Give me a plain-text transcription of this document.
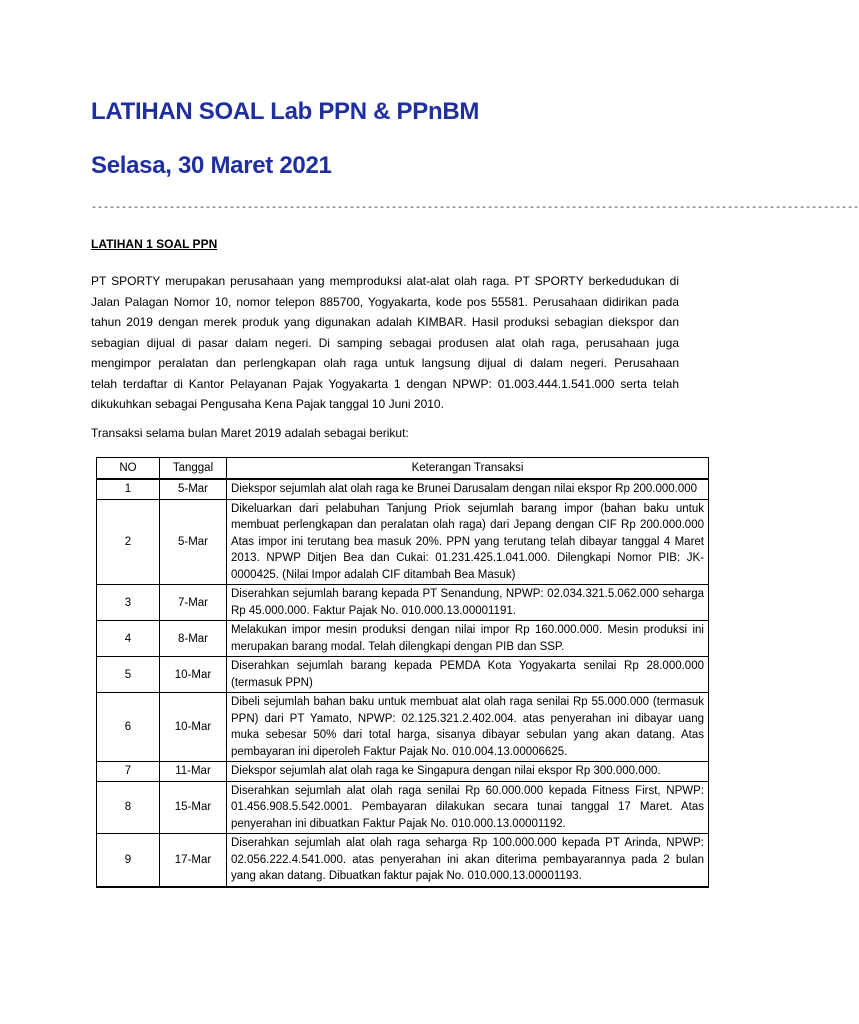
LATIHAN SOAL Lab PPN & PPnBM
Selasa, 30 Maret 2021
--------------------------------------------------------------------------------------------------------------------------------
LATIHAN 1 SOAL PPN
PT SPORTY merupakan perusahaan yang memproduksi alat-alat olah raga. PT SPORTY berkedudukan di
Jalan Palagan Nomor 10, nomor telepon 885700, Yogyakarta, kode pos 55581. Perusahaan didirikan pada
tahun 2019 dengan merek produk yang digunakan adalah KIMBAR. Hasil produksi sebagian diekspor dan
sebagian dijual di pasar dalam negeri. Di samping sebagai produsen alat olah raga, perusahaan juga
mengimpor peralatan dan perlengkapan olah raga untuk langsung dijual di dalam negeri. Perusahaan
telah terdaftar di Kantor Pelayanan Pajak Yogyakarta 1 dengan NPWP: 01.003.444.1.541.000 serta telah
dikukuhkan sebagai Pengusaha Kena Pajak tanggal 10 Juni 2010.
Transaksi selama bulan Maret 2019 adalah sebagai berikut:
NO	Tanggal	Keterangan Transaksi
1	5-Mar	Diekspor sejumlah alat olah raga ke Brunei Darusalam dengan nilai ekspor Rp 200.000.000
2	5-Mar	Dikeluarkan dari pelabuhan Tanjung Priok sejumlah barang impor (bahan baku untuk membuat perlengkapan dan peralatan olah raga) dari Jepang dengan CIF Rp 200.000.000 Atas impor ini terutang bea masuk 20%. PPN yang terutang telah dibayar tanggal 4 Maret 2013. NPWP Ditjen Bea dan Cukai: 01.231.425.1.041.000. Dilengkapi Nomor PIB: JK-0000425. (Nilai Impor adalah CIF ditambah Bea Masuk)
3	7-Mar	Diserahkan sejumlah barang kepada PT Senandung, NPWP: 02.034.321.5.062.000 seharga Rp 45.000.000. Faktur Pajak No. 010.000.13.00001191.
4	8-Mar	Melakukan impor mesin produksi dengan nilai impor Rp 160.000.000. Mesin produksi ini merupakan barang modal. Telah dilengkapi dengan PIB dan SSP.
5	10-Mar	Diserahkan sejumlah barang kepada PEMDA Kota Yogyakarta senilai Rp 28.000.000 (termasuk PPN)
6	10-Mar	Dibeli sejumlah bahan baku untuk membuat alat olah raga senilai Rp 55.000.000 (termasuk PPN) dari PT Yamato, NPWP: 02.125.321.2.402.004. atas penyerahan ini dibayar uang muka sebesar 50% dari total harga, sisanya dibayar sebulan yang akan datang. Atas pembayaran ini diperoleh Faktur Pajak No. 010.004.13.00006625.
7	11-Mar	Diekspor sejumlah alat olah raga ke Singapura dengan nilai ekspor Rp 300.000.000.
8	15-Mar	Diserahkan sejumlah alat olah raga senilai Rp 60.000.000 kepada Fitness First, NPWP: 01.456.908.5.542.0001. Pembayaran dilakukan secara tunai tanggal 17 Maret. Atas penyerahan ini dibuatkan Faktur Pajak No. 010.000.13.00001192.
9	17-Mar	Diserahkan sejumlah alat olah raga seharga Rp 100.000.000 kepada PT Arinda, NPWP: 02.056.222.4.541.000. atas penyerahan ini akan diterima pembayarannya pada 2 bulan yang akan datang. Dibuatkan faktur pajak No. 010.000.13.00001193.
